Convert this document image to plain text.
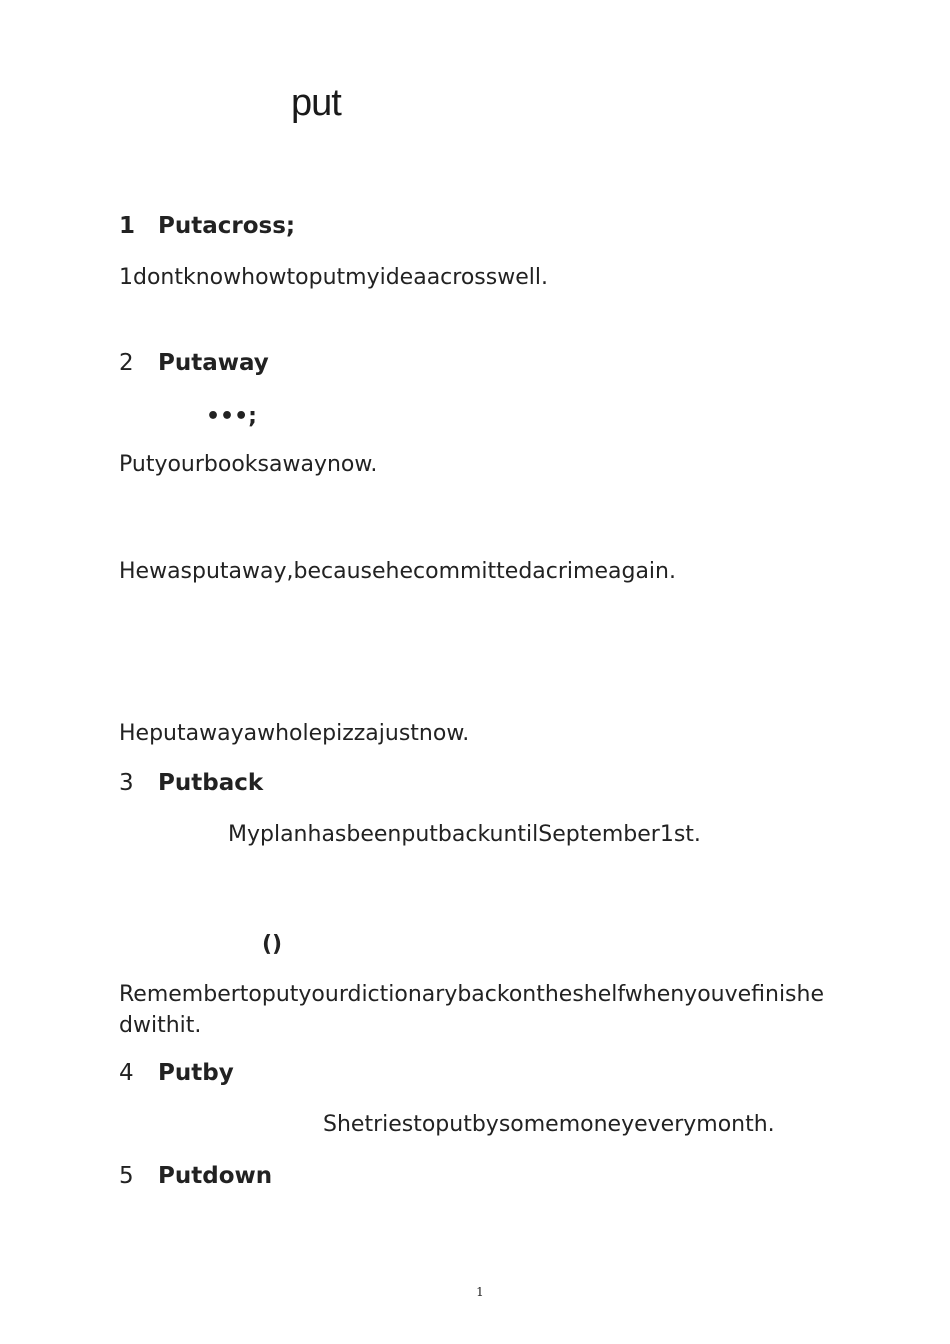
put
1 Putacross;
1dontknowhowtoputmyideaacrosswell.
2 Putaway
•••;
Putyourbooksawaynow.
Hewasputaway,becausehecommittedacrimeagain.
Heputawayawholepizzajustnow.
3 Putback
MyplanhasbeenputbackuntilSeptember1st.
()
Remembertoputyourdictionarybackontheshelfwhenyouvefinishedwithit.
4 Putby
Shetriestoputbysomemoneyeverymonth.
5 Putdown
1
